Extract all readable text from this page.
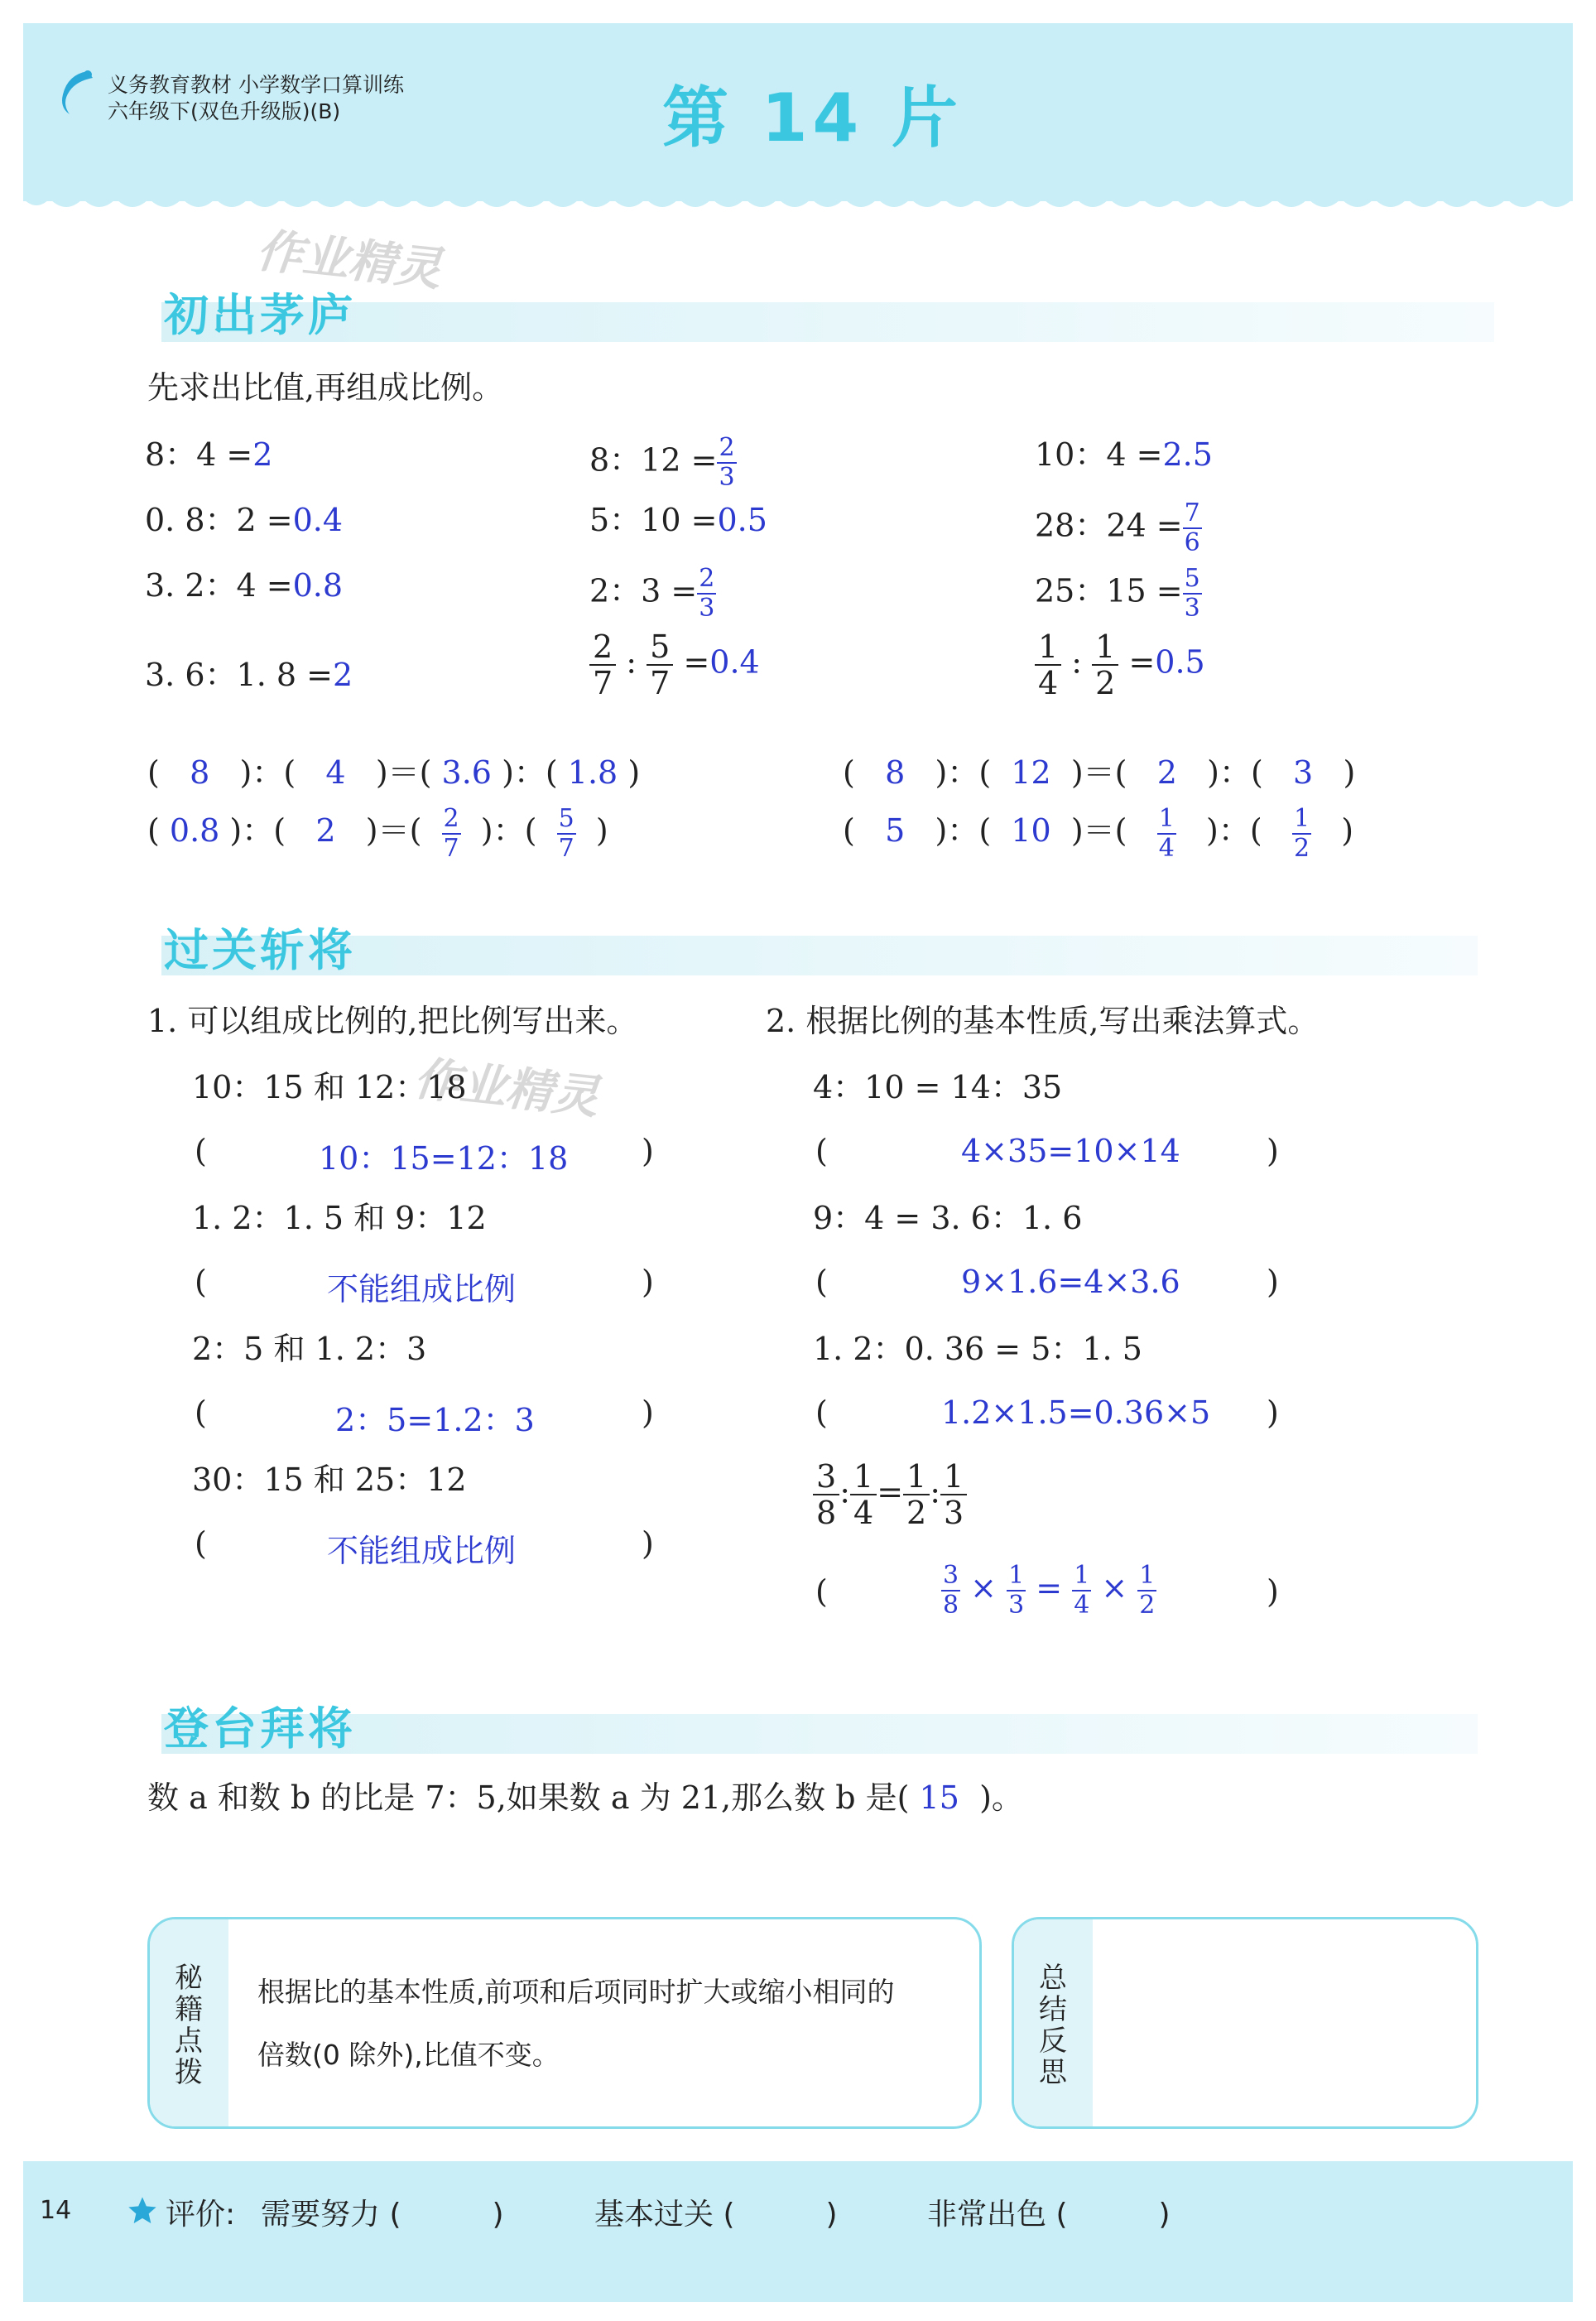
义务教育教材 小学数学口算训练
六年级下(双色升级版)(B)	第 14 片
作业精灵
作业精灵
初出茅庐
先求出比值,再组成比例。
8：4 =2	8：$12 = \frac{2}{3}$	10：4 =2.5
0. 8：2 =0.4	5：10 =0.5	28：$24 = \frac{7}{6}$
3. 2：4 =0.8	2：$3 = \frac{2}{3}$	25：$15 = \frac{5}{3}$
3. 6：1. 8 =2	$\frac{2}{7}$ : $\frac{5}{7} =0.4$	$\frac{1}{4}$ : $\frac{1}{2} =0.5$
(   8   )：(   4   )＝( 3.6 )：( 1.8 )	(   8   )：(  12  )＝(   2   )：(   3   )
( 0.8 )：(   2   )＝( $\frac{2}{7}$ )：( $\frac{5}{7}$ )	(   5   )：(  10  )＝( $\frac{1}{4}$ )：( $\frac{1}{2}$ )
过关斩将
1. 可以组成比例的,把比例写出来。	2. 根据比例的基本性质,写出乘法算式。
10：15 和 12：18
(	10：15=12：18 )
1. 2：1. 5 和 9：12
(	不能组成比例	)
2：5 和 1. 2：3
(	2：5=1.2：3	)
30：15 和 25：12
(	不能组成比例	)
4：10 = 14：35
(	4×35=10×14	)
9：4 = 3. 6：1. 6
(	9×1.6=4×3.6	)
1. 2：0. 36 = 5：1. 5
(	1.2×1.5=0.36×5 )
$\frac{3}{8}$ : $\frac{1}{4} = \frac{1}{2}$ : $\frac{1}{3}$
(	$\frac{3}{8} \times \frac{1}{3} = \frac{1}{4} \times \frac{1}{2}$	)
登台拜将
数 a 和数 b 的比是 7：5,如果数 a 为 21,那么数 b 是( 15 )。
秘籍点拨
根据比的基本性质,前项和后项同时扩大或缩小相同的
倍数(0 除外),比值不变。
总结反思
14	评价: 需要努力 (	)	基本过关 (	)	非常出色 (	)
